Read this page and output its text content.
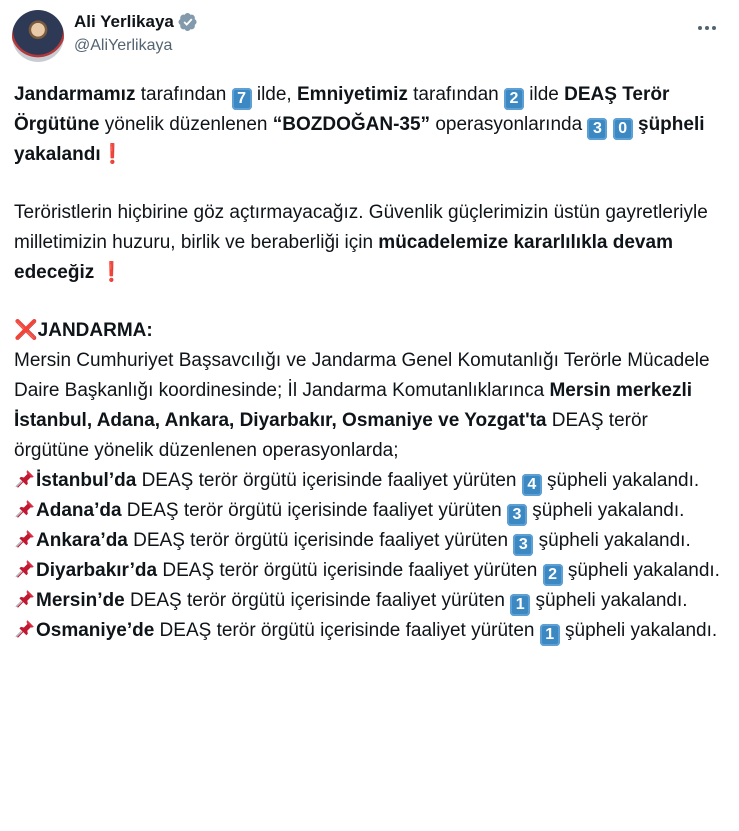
Ali Yerlikaya
@AliYerlikaya

Jandarmamız tarafından 7 ilde, Emniyetimiz tarafından 2 ilde DEAŞ Terör Örgütüne yönelik düzenlenen “BOZDOĞAN-35” operasyonlarında 3 0 şüpheli yakalandı❗

Teröristlerin hiçbirine göz açtırmayacağız. Güvenlik güçlerimizin üstün gayretleriyle milletimizin huzuru, birlik ve beraberliği için mücadelemize kararlılıkla devam edeceğiz ❗

❌JANDARMA:
Mersin Cumhuriyet Başsavcılığı ve Jandarma Genel Komutanlığı Terörle Mücadele Daire Başkanlığı koordinesinde; İl Jandarma Komutanlıklarınca Mersin merkezli İstanbul, Adana, Ankara, Diyarbakır, Osmaniye ve Yozgat'ta DEAŞ terör örgütüne yönelik düzenlenen operasyonlarda;

İstanbul’da DEAŞ terör örgütü içerisinde faaliyet yürüten 4 şüpheli yakalandı.

Adana’da DEAŞ terör örgütü içerisinde faaliyet yürüten 3 şüpheli yakalandı.

Ankara’da DEAŞ terör örgütü içerisinde faaliyet yürüten 3 şüpheli yakalandı.

Diyarbakır’da DEAŞ terör örgütü içerisinde faaliyet yürüten 2 şüpheli yakalandı.

Mersin’de DEAŞ terör örgütü içerisinde faaliyet yürüten 1 şüpheli yakalandı.

Osmaniye’de DEAŞ terör örgütü içerisinde faaliyet yürüten 1 şüpheli yakalandı.
